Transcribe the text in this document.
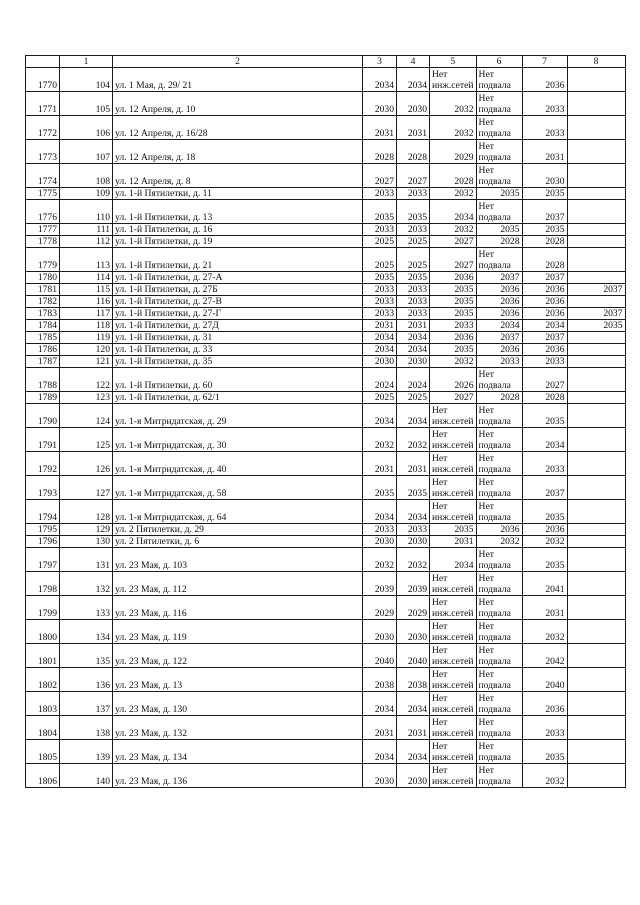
	1	2	3	4	5	6	7	8
1770	104	ул. 1 Мая, д. 29/ 21	2034	2034	Нет
инж.сетей	Нет
подвала	2036	
1771	105	ул. 12 Апреля, д. 10	2030	2030	2032	Нет
подвала	2033	
1772	106	ул. 12 Апреля, д. 16/28	2031	2031	2032	Нет
подвала	2033	
1773	107	ул. 12 Апреля, д. 18	2028	2028	2029	Нет
подвала	2031	
1774	108	ул. 12 Апреля, д. 8	2027	2027	2028	Нет
подвала	2030	
1775	109	ул. 1-й Пятилетки, д. 11	2033	2033	2032	2035	2035	
1776	110	ул. 1-й Пятилетки, д. 13	2035	2035	2034	Нет
подвала	2037	
1777	111	ул. 1-й Пятилетки, д. 16	2033	2033	2032	2035	2035	
1778	112	ул. 1-й Пятилетки, д. 19	2025	2025	2027	2028	2028	
1779	113	ул. 1-й Пятилетки, д. 21	2025	2025	2027	Нет
подвала	2028	
1780	114	ул. 1-й Пятилетки, д. 27-А	2035	2035	2036	2037	2037	
1781	115	ул. 1-й Пятилетки, д. 27Б	2033	2033	2035	2036	2036	2037
1782	116	ул. 1-й Пятилетки, д. 27-В	2033	2033	2035	2036	2036	
1783	117	ул. 1-й Пятилетки, д. 27-Г	2033	2033	2035	2036	2036	2037
1784	118	ул. 1-й Пятилетки, д. 27Д	2031	2031	2033	2034	2034	2035
1785	119	ул. 1-й Пятилетки, д. 31	2034	2034	2036	2037	2037	
1786	120	ул. 1-й Пятилетки, д. 33	2034	2034	2035	2036	2036	
1787	121	ул. 1-й Пятилетки, д. 35	2030	2030	2032	2033	2033	
1788	122	ул. 1-й Пятилетки, д. 60	2024	2024	2026	Нет
подвала	2027	
1789	123	ул. 1-й Пятилетки, д. 62/1	2025	2025	2027	2028	2028	
1790	124	ул. 1-я Митридатская, д. 29	2034	2034	Нет
инж.сетей	Нет
подвала	2035	
1791	125	ул. 1-я Митридатская, д. 30	2032	2032	Нет
инж.сетей	Нет
подвала	2034	
1792	126	ул. 1-я Митридатская, д. 40	2031	2031	Нет
инж.сетей	Нет
подвала	2033	
1793	127	ул. 1-я Митридатская, д. 58	2035	2035	Нет
инж.сетей	Нет
подвала	2037	
1794	128	ул. 1-я Митридатская, д. 64	2034	2034	Нет
инж.сетей	Нет
подвала	2035	
1795	129	ул. 2 Пятилетки, д. 29	2033	2033	2035	2036	2036	
1796	130	ул. 2 Пятилетки, д. 6	2030	2030	2031	2032	2032	
1797	131	ул. 23 Мая, д. 103	2032	2032	2034	Нет
подвала	2035	
1798	132	ул. 23 Мая, д. 112	2039	2039	Нет
инж.сетей	Нет
подвала	2041	
1799	133	ул. 23 Мая, д. 116	2029	2029	Нет
инж.сетей	Нет
подвала	2031	
1800	134	ул. 23 Мая, д. 119	2030	2030	Нет
инж.сетей	Нет
подвала	2032	
1801	135	ул. 23 Мая, д. 122	2040	2040	Нет
инж.сетей	Нет
подвала	2042	
1802	136	ул. 23 Мая, д. 13	2038	2038	Нет
инж.сетей	Нет
подвала	2040	
1803	137	ул. 23 Мая, д. 130	2034	2034	Нет
инж.сетей	Нет
подвала	2036	
1804	138	ул. 23 Мая, д. 132	2031	2031	Нет
инж.сетей	Нет
подвала	2033	
1805	139	ул. 23 Мая, д. 134	2034	2034	Нет
инж.сетей	Нет
подвала	2035	
1806	140	ул. 23 Мая, д. 136	2030	2030	Нет
инж.сетей	Нет
подвала	2032	
